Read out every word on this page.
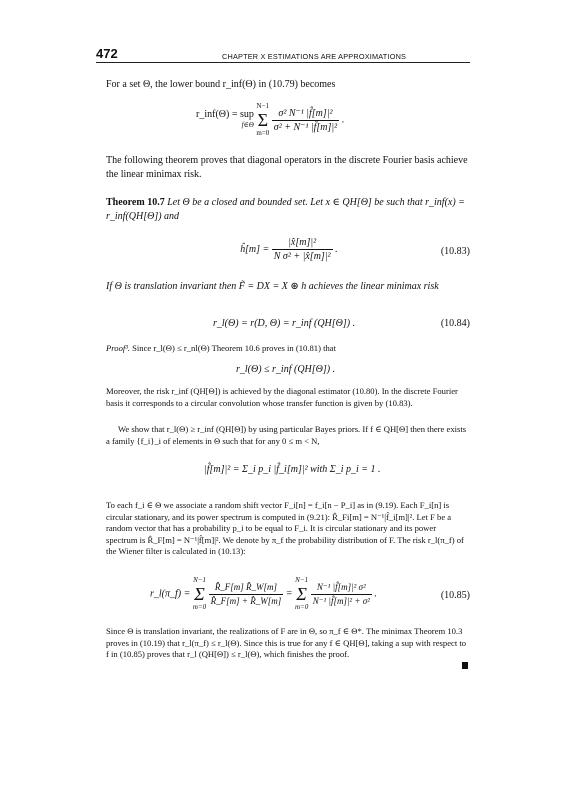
472	CHAPTER X ESTIMATIONS ARE APPROXIMATIONS
For a set Θ, the lower bound r_inf(Θ) in (10.79) becomes
r_inf(Θ) = sup
f∈Θ

N−1
Σ
m=0
$\frac{\text{σ² N⁻¹ |f̂[m]|²}}{\text{σ² + N⁻¹ |f̂[m]|²}}$ .
The following theorem proves that diagonal operators in the discrete Fourier basis achieve the linear minimax risk.
Theorem 10.7 Let Θ be a closed and bounded set. Let x ∈ QH[Θ] be such that r_inf(x) = r_inf(QH[Θ]) and
ĥ[m] = $\frac{\text{|x̂[m]|²}}{\text{N σ² + |x̂[m]|²}}$ .	(10.83)
If Θ is translation invariant then F̃ = DX = X ⊛ h achieves the linear minimax risk
r_l(Θ) = r(D, Θ) = r_inf (QH[Θ]) .	(10.84)
Proof³. Since r_l(Θ) ≤ r_nl(Θ) Theorem 10.6 proves in (10.81) that
r_l(Θ) ≤ r_inf (QH[Θ]) .
Moreover, the risk r_inf (QH[Θ]) is achieved by the diagonal estimator (10.80). In the discrete Fourier basis it corresponds to a circular convolution whose transfer function is given by (10.83).
We show that r_l(Θ) ≥ r_inf (QH[Θ]) by using particular Bayes priors. If f ∈ QH[Θ] then there exists a family {f_i}_i of elements in Θ such that for any 0 ≤ m < N,
|f̂[m]|² = Σ_i p_i |f̂_i[m]|² with Σ_i p_i = 1 .
To each f_i ∈ Θ we associate a random shift vector F_i[n] = f_i[n − P_i] as in (9.19). Each F_i[n] is circular stationary, and its power spectrum is computed in (9.21): R̂_Fi[m] = N⁻¹|f̂_i[m]|². Let F be a random vector that has a probability p_i to be equal to F_i. It is circular stationary and its power spectrum is R̂_F[m] = N⁻¹|f̂[m]|². We denote by π_f the probability distribution of F. The risk r_l(π_f) of the Wiener filter is calculated in (10.13):
r_l(π_f) =
N−1
Σ
m=0
$\frac{R̂\_F[m] R̂\_W[m]}{R̂\_F[m] + R̂\_W[m]}$ =
N−1
Σ
m=0
$\frac{\text{N⁻¹ |f̂[m]|² σ²}}{\text{N⁻¹ |f̂[m]|² + σ²}}$ .	(10.85)
Since Θ is translation invariant, the realizations of F are in Θ, so π_f ∈ Θ*. The minimax Theorem 10.3 proves in (10.19) that r_l(π_f) ≤ r_l(Θ). Since this is true for any f ∈ QH[Θ], taking a sup with respect to f in (10.85) proves that r_l (QH[Θ]) ≤ r_l(Θ), which finishes the proof.
